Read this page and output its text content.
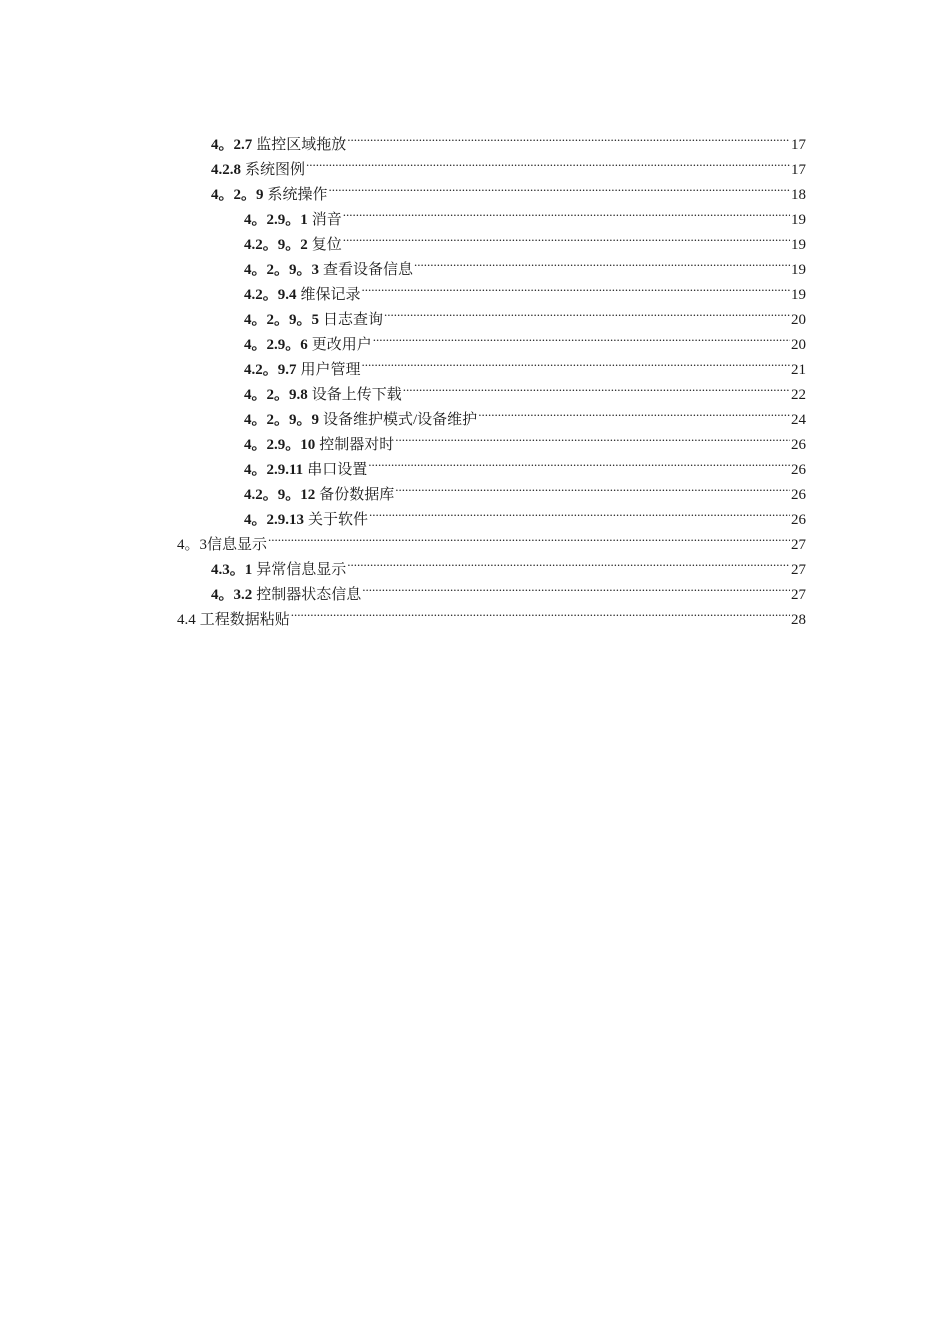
4。2.7 监控区域拖放 .....	17
4.2.8 系统图例 .....	17
4。2。9 系统操作 .....	18
4。2.9。1 消音 .....	19
4.2。9。2 复位 .....	19
4。2。9。3 查看设备信息 .....	19
4.2。9.4 维保记录 .....	19
4。2。9。5 日志查询 .....	20
4。2.9。6 更改用户 .....	20
4.2。9.7 用户管理 .....	21
4。2。9.8 设备上传下载 .....	22
4。2。9。9 设备维护模式/设备维护 .....	24
4。2.9。10 控制器对时 .....	26
4。2.9.11 串口设置 .....	26
4.2。9。12 备份数据库 .....	26
4。2.9.13 关于软件 .....	26
4。3 信息显示 .....	27
4.3。1 异常信息显示 .....	27
4。3.2 控制器状态信息 .....	27
4.4 工程数据粘贴 .....	28
